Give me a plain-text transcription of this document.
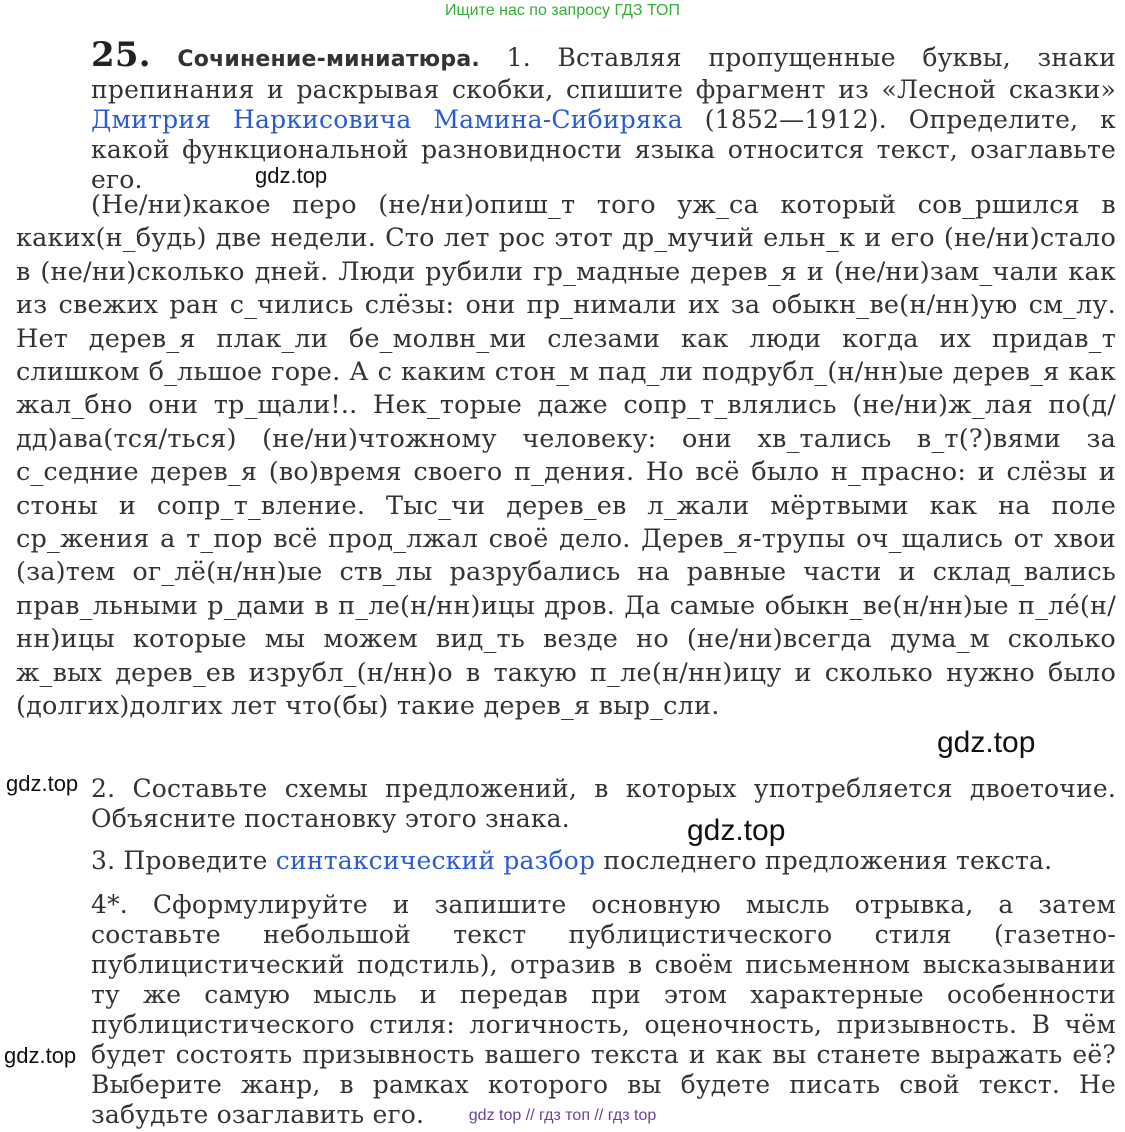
Ищите нас по запросу ГДЗ ТОП
25. Сочинение-миниатюра. 1. Вставляя пропущенные буквы, знаки препинания и раскрывая скобки, спишите фрагмент из «Лесной сказки» Дмитрия Наркисовича Мамина-Сибиряка (1852—1912). Определите, к какой функциональной разновидности языка относится текст, озаглавьте его.	gdz.top
(Не/ни)какое перо (не/ни)опиш_т того уж_са который сов_ршился в каких(н_будь) две недели. Сто лет рос этот др_мучий ельн_к и его (не/ни)стало в (не/ни)сколько дней. Люди рубили гр_мадные дерев_я и (не/ни)зам_чали как из свежих ран с_чились слёзы: они пр_нимали их за обыкн_ве(н/нн)ую см_лу. Нет дерев_я плак_ли бе_молвн_ми слезами как люди когда их придав_т слишком б_льшое горе. А с каким стон_м пад_ли подрубл_(н/нн)ые дерев_я как жал_бно они тр_щали!.. Нек_торые даже сопр_т_влялись (не/ни)ж_лая по(д/дд)ава(тся/ться) (не/ни)чтожному человеку: они хв_тались в_т(?)вями за с_седние дерев_я (во)время своего п_дения. Но всё было н_прасно: и слёзы и стоны и сопр_т_вление. Тыс_чи дерев_ев л_жали мёртвыми как на поле ср_жения а т_пор всё прод_лжал своё дело. Дерев_я-трупы оч_щались от хвои (за)тем ог_лё(н/нн)ые ств_лы разрубались на равные части и склад_вались прав_льными р_дами в п_ле(н/нн)ицы дров. Да самые обыкн_ве(н/нн)ые п_ле́(н/нн)ицы которые мы можем вид_ть везде но (не/ни)всегда дума_м сколько ж_вых дерев_ев изрубл_(н/нн)о в такую п_ле(н/нн)ицу и сколько нужно было (долгих)долгих лет что(бы) такие дерев_я выр_сли.
gdz.top
gdz.top 2. Составьте схемы предложений, в которых употребляется двоеточие. Объясните постановку этого знака.	gdz.top
3. Проведите синтаксический разбор последнего предложения текста.
4*. Сформулируйте и запишите основную мысль отрывка, а затем составьте небольшой текст публицистического стиля (газетно-публицистический подстиль), отразив в своём письменном высказывании ту же самую мысль и передав при этом характерные особенности публицистического стиля: логичность, оценочность, призывность. В чём будет состоять призывность вашего текста и как вы станете выражать её? Выберите жанр, в рамках которого вы будете писать свой текст. Не забудьте озаглавить его.
gdz.top
gdz top // гдз топ // гдз top
